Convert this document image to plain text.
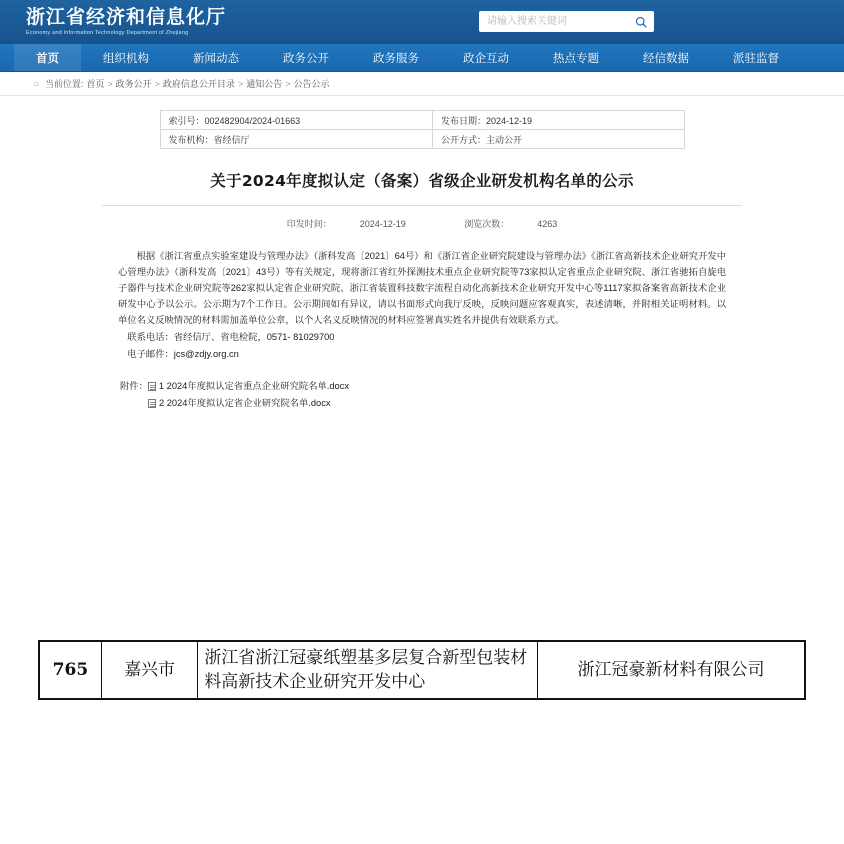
浙江省经济和信息化厅
Economy and Information Technology Department of Zhejiang
请输入搜索关键词
首页	组织机构	新闻动态	政务公开	政务服务	政企互动	热点专题	经信数据	派驻监督
⌂ 当前位置: 首页 > 政务公开 > 政府信息公开目录 > 通知公告 > 公告公示
索引号：002482904/2024-01663	发布日期：2024-12-19
发布机构：省经信厅	公开方式：主动公开
关于2024年度拟认定（备案）省级企业研发机构名单的公示
印发时间：	2024-12-19	浏览次数：	4263

根据《浙江省重点实验室建设与管理办法》（浙科发高〔2021〕64号）和《浙江省企业研究院建设与管理办法》《浙江省高新技术企业研究开发中心管理办法》（浙科发高〔2021〕43号）等有关规定，现将浙江省红外探测技术重点企业研究院等73家拟认定省重点企业研究院、浙江省驰拓自旋电子器件与技术企业研究院等262家拟认定省企业研究院、浙江省装置科技数字流程自动化高新技术企业研究开发中心等1117家拟备案省高新技术企业研发中心予以公示。公示期为7个工作日。公示期间如有异议，请以书面形式向我厅反映，反映问题应客观真实，表述清晰，并附相关证明材料。以单位名义反映情况的材料需加盖单位公章，以个人名义反映情况的材料应签署真实姓名并提供有效联系方式。

联系电话：省经信厅、省电检院，0571- 81029700

电子邮件：jcs@zdjy.org.cn

附件： 1 2024年度拟认定省重点企业研究院名单.docx
2 2024年度拟认定省企业研究院名单.docx
765	嘉兴市	浙江省浙江冠豪纸塑基多层复合新型包装材料高新技术企业研究开发中心	浙江冠豪新材料有限公司
